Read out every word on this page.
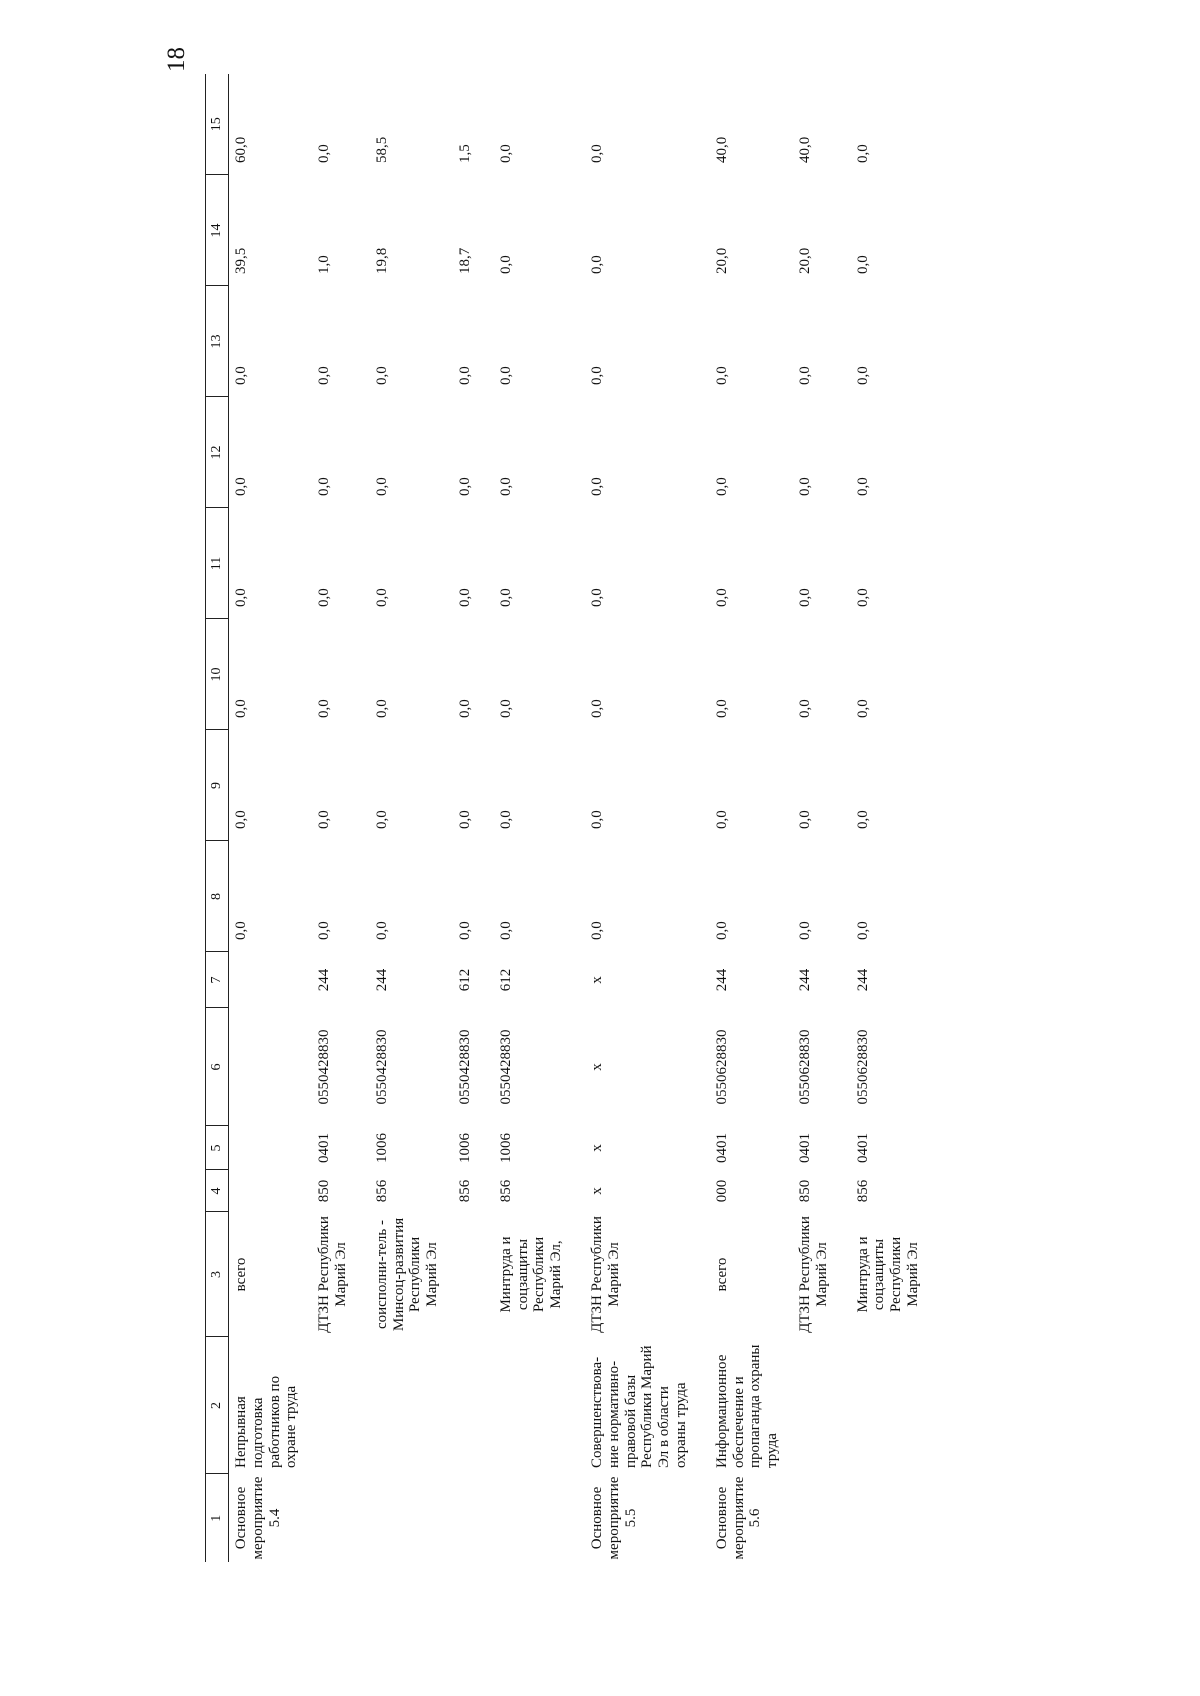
18
1	2	3	4	5	6	7	8	9	10	11	12	13	14	15
Основное мероприятие 5.4	Непрывная подготовка работников по охране труда	всего					0,0	0,0	0,0	0,0	0,0	0,0	39,5	60,0
		ДТЗН Республики Марий Эл	850	0401	0550428830	244	0,0	0,0	0,0	0,0	0,0	0,0	1,0	0,0
		соисполни-тель - Минсоц-развития Республики Марий Эл	856	1006	0550428830	244	0,0	0,0	0,0	0,0	0,0	0,0	19,8	58,5
			856	1006	0550428830	612	0,0	0,0	0,0	0,0	0,0	0,0	18,7	1,5
		Минтруда и соцзащиты Республики Марий Эл,	856	1006	0550428830	612	0,0	0,0	0,0	0,0	0,0	0,0	0,0	0,0
Основное мероприятие 5.5	Совершенствова-ние нормативно-правовой базы Республики Марий Эл в области охраны труда	ДТЗН Республики Марий Эл	x	x	x	x	0,0	0,0	0,0	0,0	0,0	0,0	0,0	0,0
Основное мероприятие 5.6	Информационное обеспечение и пропаганда охраны труда	всего	000	0401	0550628830	244	0,0	0,0	0,0	0,0	0,0	0,0	20,0	40,0
		ДТЗН Республики Марий Эл	850	0401	0550628830	244	0,0	0,0	0,0	0,0	0,0	0,0	20,0	40,0
		Минтруда и соцзащиты Республики Марий Эл	856	0401	0550628830	244	0,0	0,0	0,0	0,0	0,0	0,0	0,0	0,0
